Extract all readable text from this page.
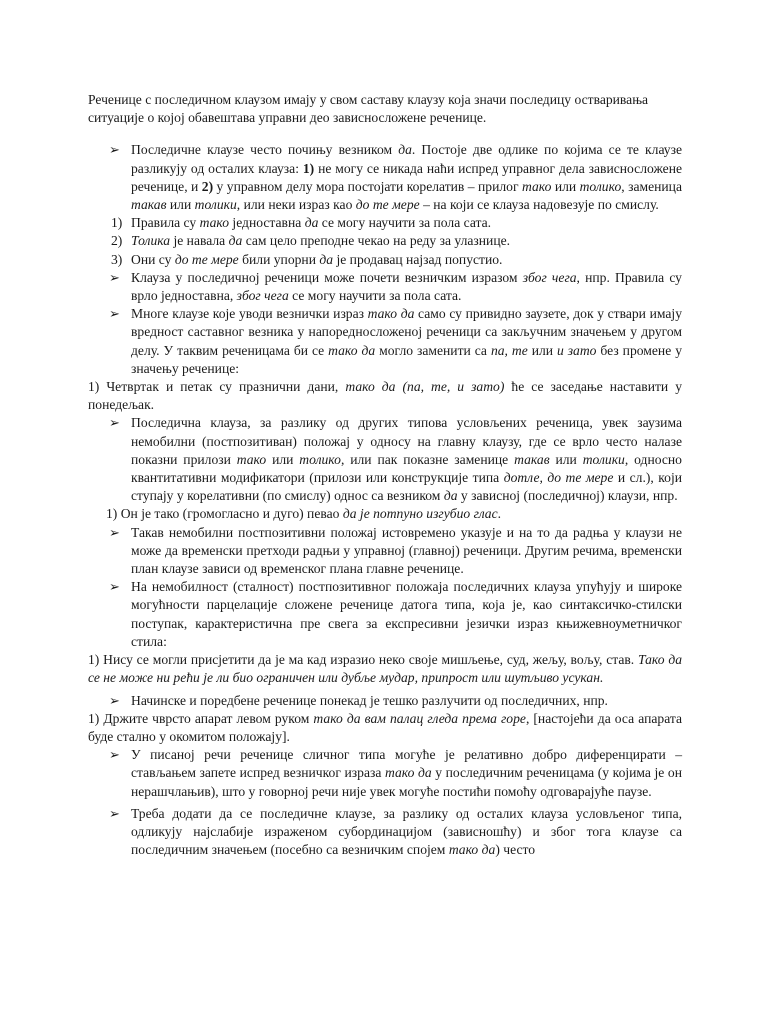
Реченице с последичном клаузом имају у свом саставу клаузу која значи последицу остваривања ситуације о којој обавештава управни део зависносложене реченице.

➢ Последичне клаузе често почињу везником да. Постоје две одлике по којима се те клаузе разликују од осталих клауза: 1) не могу се никада наћи испред управног дела зависносложене реченице, и 2) у управном делу мора постојати корелатив – прилог тако или толико, заменица такав или толики, или неки израз као до те мере – на који се клауза надовезује по смислу.

1) Правила су тако једноставна да се могу научити за пола сата.

2) Толика је навала да сам цело преподне чекао на реду за улазнице.

3) Они су до те мере били упорни да је продавац најзад попустио.

➢ Клауза у последичној реченици може почети везничким изразом због чега, нпр. Правила су врло једноставна, због чега се могу научити за пола сата.

➢ Многе клаузе које уводи везнички израз тако да само су привидно заузете, док у ствари имају вредност саставног везника у напоредносложеној реченици са закључним значењем у другом делу. У таквим реченицама би се тако да могло заменити са па, те или и зато без промене у значењу реченице:

1) Четвртак и петак су празнични дани, тако да (па, те, и зато) ће се заседање наставити у понедељак.

➢ Последична клауза, за разлику од других типова условљених реченица, увек заузима немобилни (постпозитиван) положај у односу на главну клаузу, где се врло често налазе показни прилози тако или толико, или пак показне заменице такав или толики, односно квантитативни модификатори (прилози или конструкције типа дотле, до те мере и сл.), који ступају у корелативни (по смислу) однос са везником да у зависној (последичној) клаузи, нпр.

1) Он је тако (громогласно и дуго) певао да је потпуно изгубио глас.

➢ Такав немобилни постпозитивни положај истовремено указује и на то да радња у клаузи не може да временски претходи радњи у управној (главној) реченици. Другим речима, временски план клаузе зависи од временског плана главне реченице.

➢ На немобилност (сталност) постпозитивног положаја последичних клауза упућују и широке могућности парцелације сложене реченице датога типа, која је, као синтаксичко-стилски поступак, карактеристична пре свега за експресивни језички израз књижевноуметничког стила:

1) Нису се могли присјетити да је ма кад изразио неко своје мишљење, суд, жељу, вољу, став. Тако да се не може ни рећи је ли био ограничен или дубље мудар, припрост или шутљиво усукан.

➢ Начинске и поредбене реченице понекад је тешко разлучити од последичних, нпр.

1) Држите чврсто апарат левом руком тако да вам палац гледа према горе, [настојећи да оса апарата буде стално у окомитом положају].

➢ У писаној речи реченице сличног типа могуће је релативно добро диференцирати – стављањем запете испред везничког израза тако да у последичним реченицама (у којима је он нерашчлањив), што у говорној речи није увек могуће постићи помоћу одговарајуће паузе.

➢ Треба додати да се последичне клаузе, за разлику од осталих клауза условљеног типа, одликују најслабије израженом субординацијом (зависношћу) и због тога клаузе са последичним значењем (посебно са везничким спојем тако да) често
